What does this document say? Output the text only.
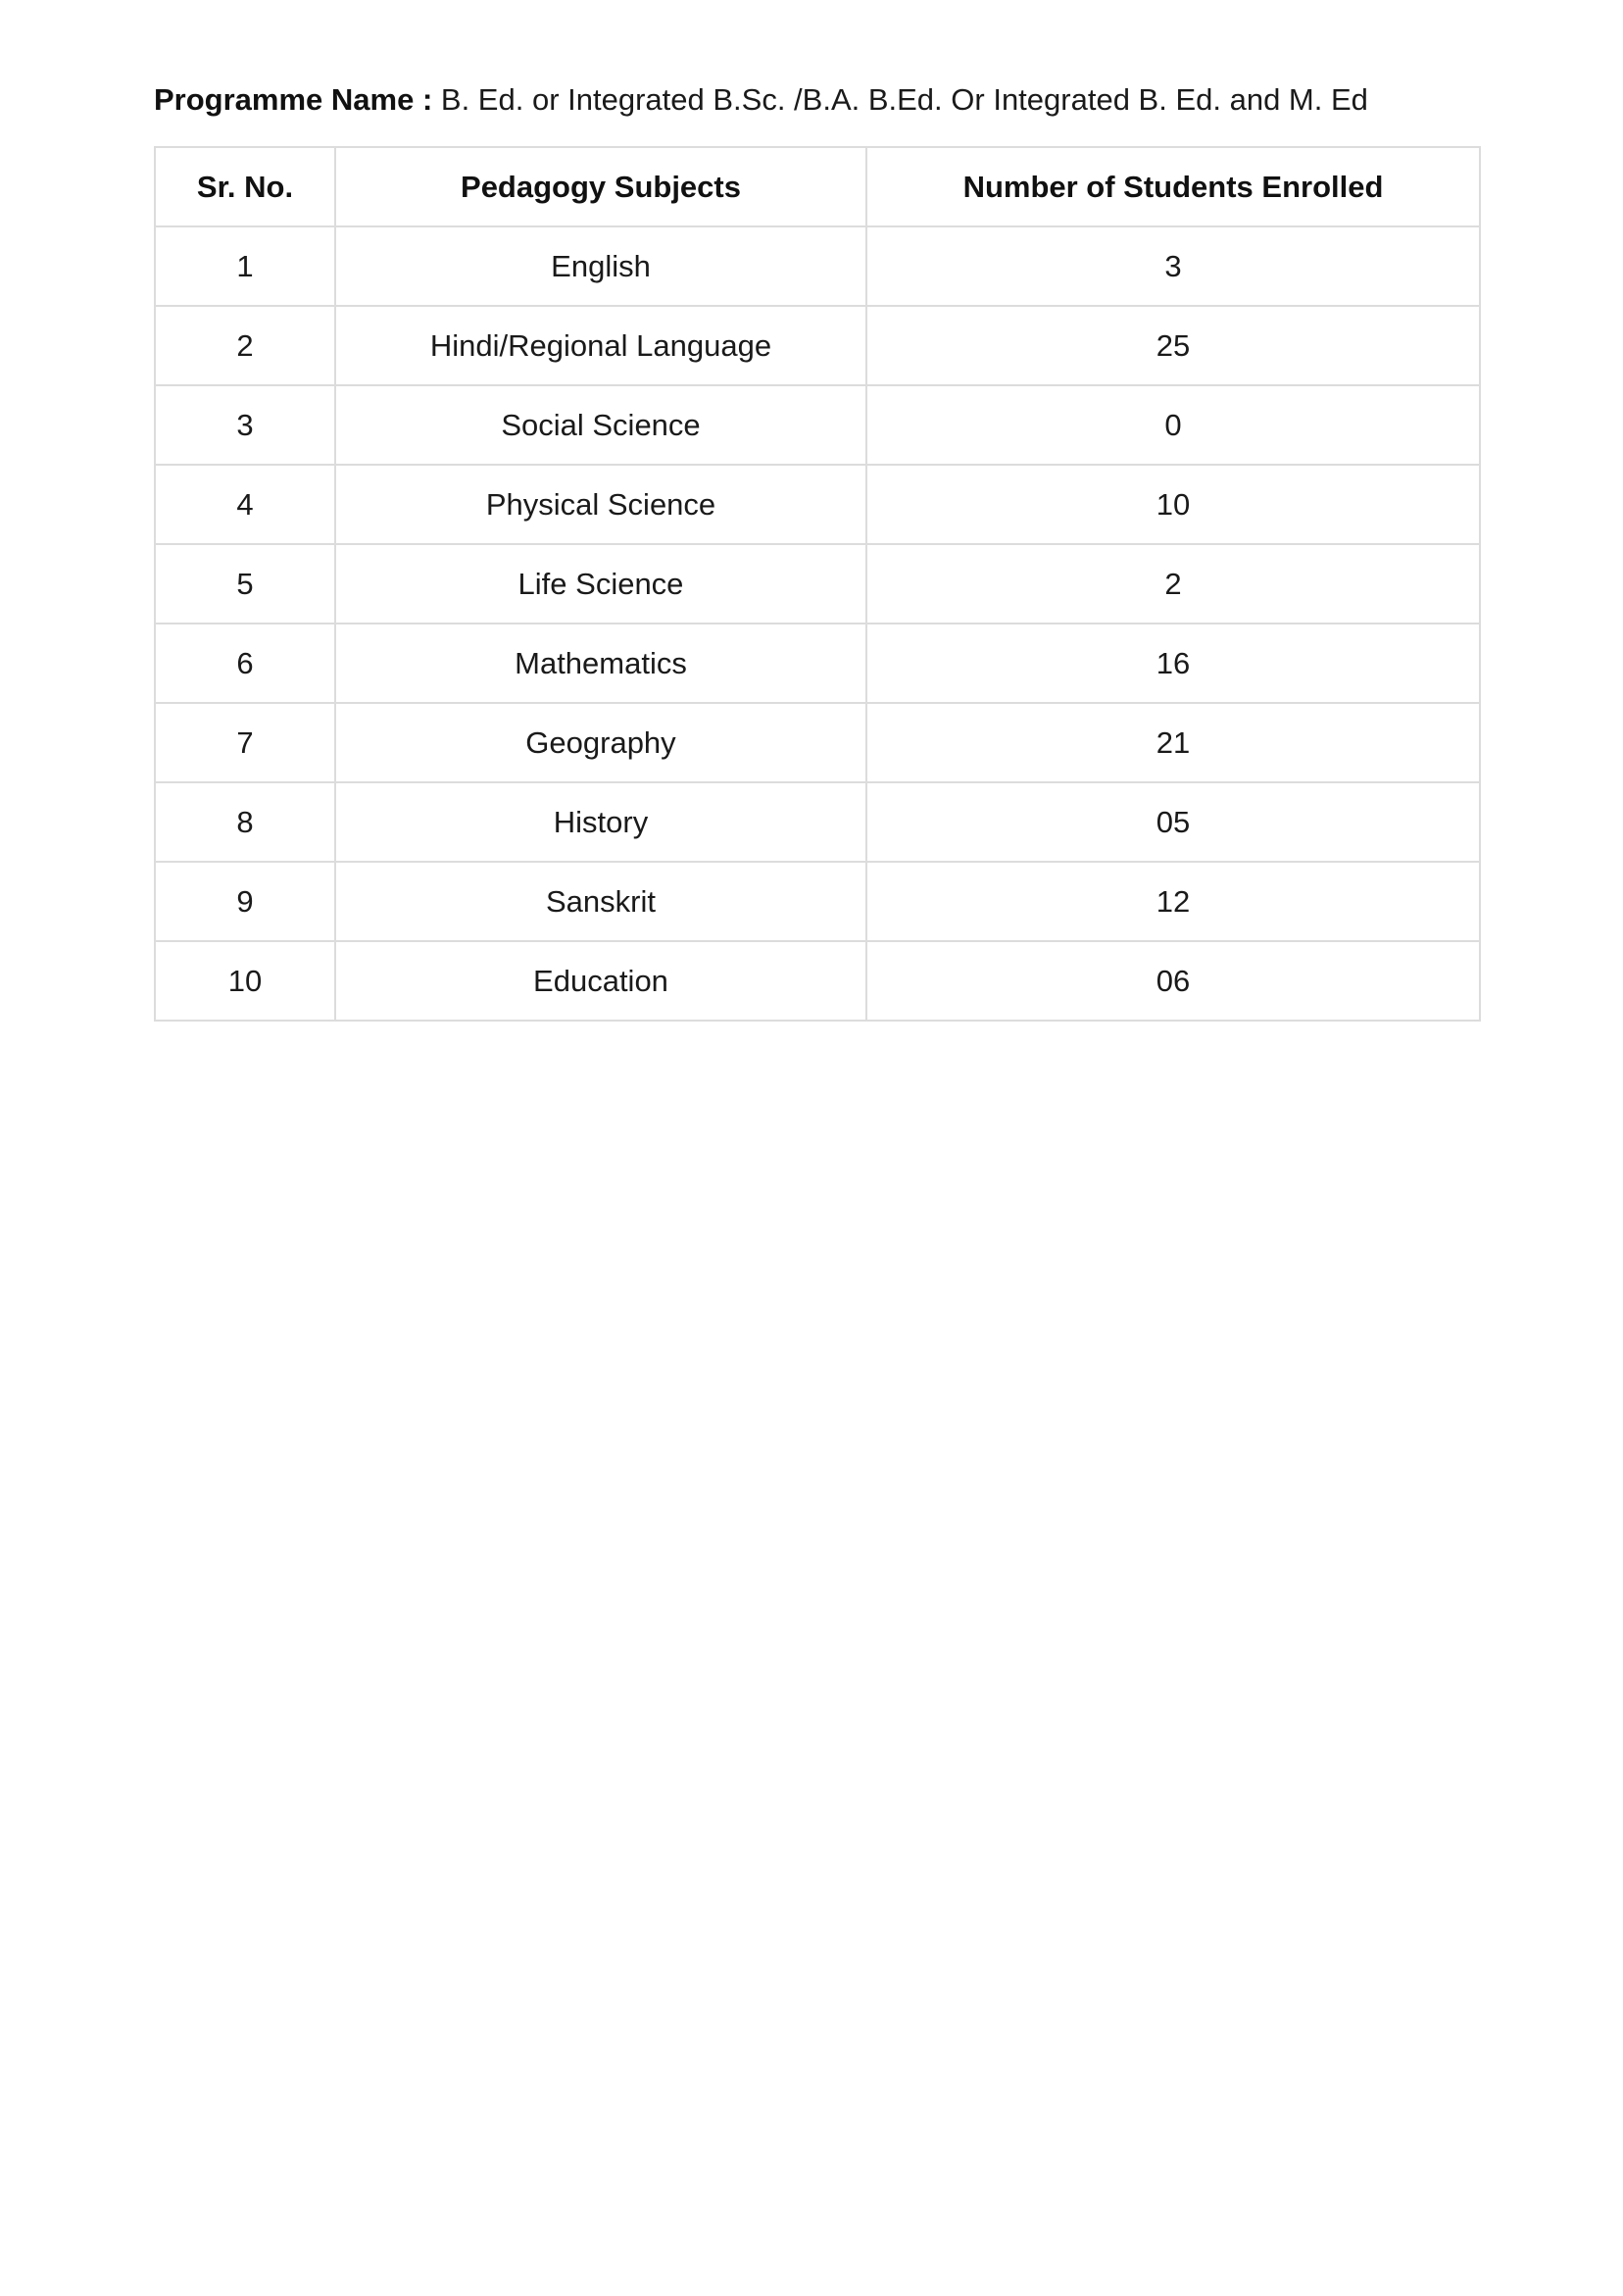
Programme Name : B. Ed. or Integrated B.Sc. /B.A. B.Ed. Or Integrated B. Ed. and M. Ed
Sr. No.	Pedagogy Subjects	Number of Students Enrolled
1	English	3
2	Hindi/Regional Language	25
3	Social Science	0
4	Physical Science	10
5	Life Science	2
6	Mathematics	16
7	Geography	21
8	History	05
9	Sanskrit	12
10	Education	06
